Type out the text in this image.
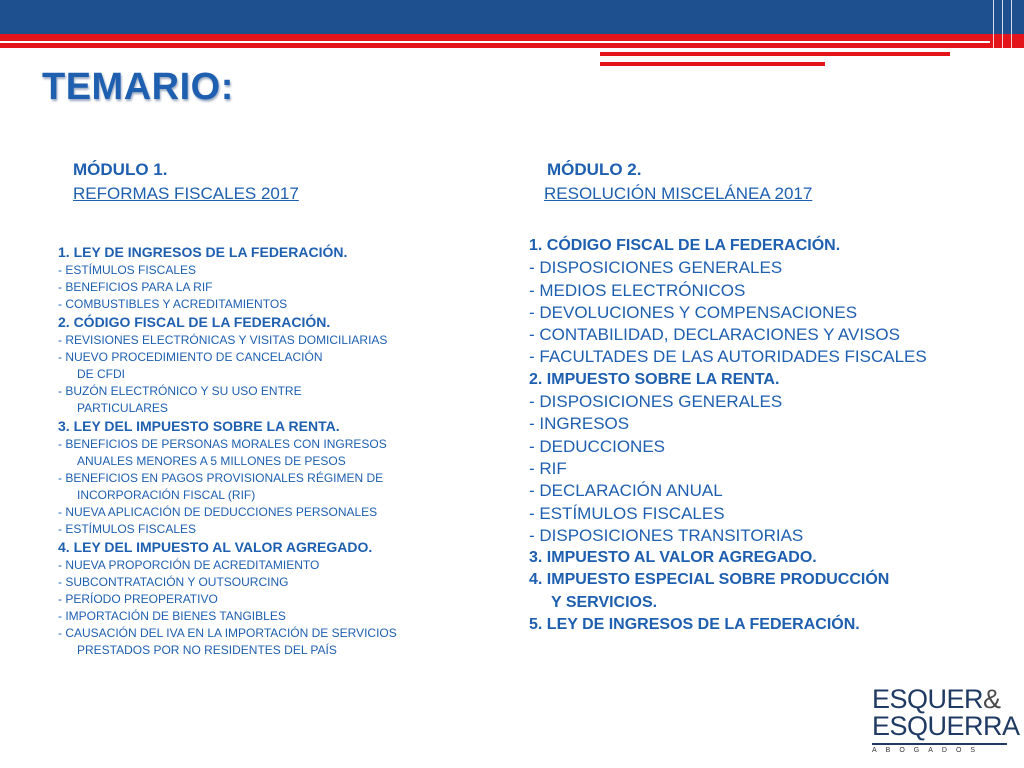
TEMARIO:
MÓDULO 1.
REFORMAS FISCALES 2017
MÓDULO 2.
RESOLUCIÓN MISCELÁNEA 2017
1. LEY DE INGRESOS DE LA FEDERACIÓN.
- ESTÍMULOS FISCALES
- BENEFICIOS PARA LA RIF
- COMBUSTIBLES Y ACREDITAMIENTOS
2. CÓDIGO FISCAL DE LA FEDERACIÓN.
- REVISIONES ELECTRÓNICAS Y VISITAS DOMICILIARIAS
- NUEVO PROCEDIMIENTO DE CANCELACIÓN
DE CFDI
- BUZÓN ELECTRÓNICO Y SU USO ENTRE
PARTICULARES
3. LEY DEL IMPUESTO SOBRE LA RENTA.
- BENEFICIOS DE PERSONAS MORALES CON INGRESOS
ANUALES MENORES A 5 MILLONES DE PESOS
- BENEFICIOS EN PAGOS PROVISIONALES RÉGIMEN DE
INCORPORACIÓN FISCAL (RIF)
- NUEVA APLICACIÓN DE DEDUCCIONES PERSONALES
- ESTÍMULOS FISCALES
4. LEY DEL IMPUESTO AL VALOR AGREGADO.
- NUEVA PROPORCIÓN DE ACREDITAMIENTO
- SUBCONTRATACIÓN Y OUTSOURCING
- PERÍODO PREOPERATIVO
- IMPORTACIÓN DE BIENES TANGIBLES
- CAUSACIÓN DEL IVA EN LA IMPORTACIÓN DE SERVICIOS
PRESTADOS POR NO RESIDENTES DEL PAÍS
1. CÓDIGO FISCAL DE LA FEDERACIÓN.
- DISPOSICIONES GENERALES
- MEDIOS ELECTRÓNICOS
- DEVOLUCIONES Y COMPENSACIONES
- CONTABILIDAD, DECLARACIONES Y AVISOS
- FACULTADES DE LAS AUTORIDADES FISCALES
2. IMPUESTO SOBRE LA RENTA.
- DISPOSICIONES GENERALES
- INGRESOS
- DEDUCCIONES
- RIF
- DECLARACIÓN ANUAL
- ESTÍMULOS FISCALES
- DISPOSICIONES TRANSITORIAS
3. IMPUESTO AL VALOR AGREGADO.
4. IMPUESTO ESPECIAL SOBRE PRODUCCIÓN
Y SERVICIOS.
5. LEY DE INGRESOS DE LA FEDERACIÓN.
ESQUER&
ESQUERRA
ABOGADOS
